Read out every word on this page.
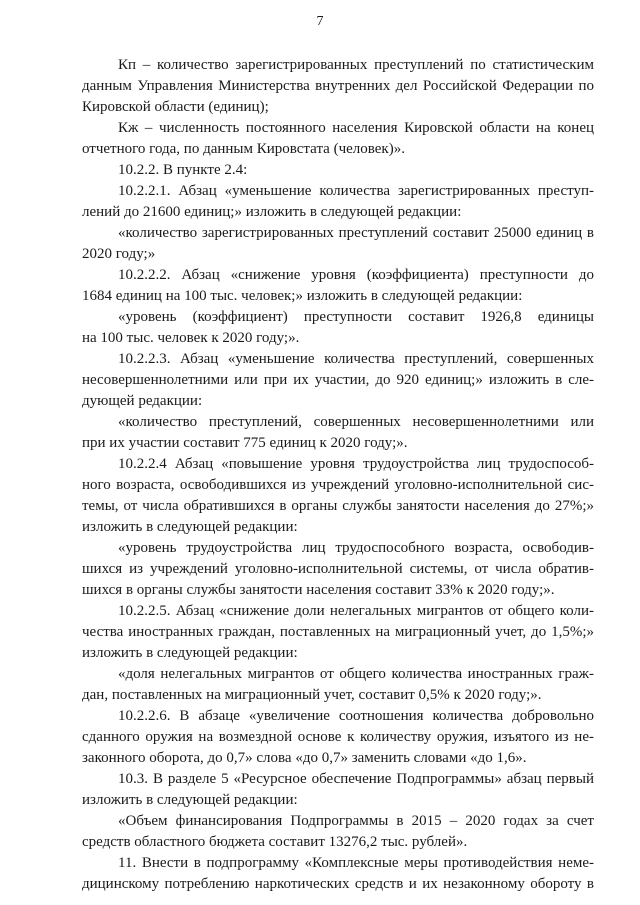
7
Кп – количество зарегистрированных преступлений по статистическим
данным Управления Министерства внутренних дел Российской Федерации по
Кировской области (единиц);
Кж – численность постоянного населения Кировской области на конец
отчетного года, по данным Кировстата (человек)».
10.2.2. В пункте 2.4:
10.2.2.1. Абзац «уменьшение количества зарегистрированных преступ-
лений до 21600 единиц;» изложить в следующей редакции:
«количество зарегистрированных преступлений составит 25000 единиц в
2020 году;»
10.2.2.2. Абзац «снижение уровня (коэффициента) преступности до
1684 единиц на 100 тыс. человек;» изложить в следующей редакции:
«уровень (коэффициент) преступности составит 1926,8 единицы
на 100 тыс. человек к 2020 году;».
10.2.2.3. Абзац «уменьшение количества преступлений, совершенных
несовершеннолетними или при их участии, до 920 единиц;» изложить в сле-
дующей редакции:
«количество преступлений, совершенных несовершеннолетними или
при их участии составит 775 единиц к 2020 году;».
10.2.2.4 Абзац «повышение уровня трудоустройства лиц трудоспособ-
ного возраста, освободившихся из учреждений уголовно-исполнительной сис-
темы, от числа обратившихся в органы службы занятости населения до 27%;»
изложить в следующей редакции:
«уровень трудоустройства лиц трудоспособного возраста, освободив-
шихся из учреждений уголовно-исполнительной системы, от числа обратив-
шихся в органы службы занятости населения составит 33% к 2020 году;».
10.2.2.5. Абзац «снижение доли нелегальных мигрантов от общего коли-
чества иностранных граждан, поставленных на миграционный учет, до 1,5%;»
изложить в следующей редакции:
«доля нелегальных мигрантов от общего количества иностранных граж-
дан, поставленных на миграционный учет, составит 0,5% к 2020 году;».
10.2.2.6. В абзаце «увеличение соотношения количества добровольно
сданного оружия на возмездной основе к количеству оружия, изъятого из не-
законного оборота, до 0,7» слова «до 0,7» заменить словами «до 1,6».
10.3. В разделе 5 «Ресурсное обеспечение Подпрограммы» абзац первый
изложить в следующей редакции:
«Объем финансирования Подпрограммы в 2015 – 2020 годах за счет
средств областного бюджета составит 13276,2 тыс. рублей».
11. Внести в подпрограмму «Комплексные меры противодействия неме-
дицинскому потреблению наркотических средств и их незаконному обороту в
